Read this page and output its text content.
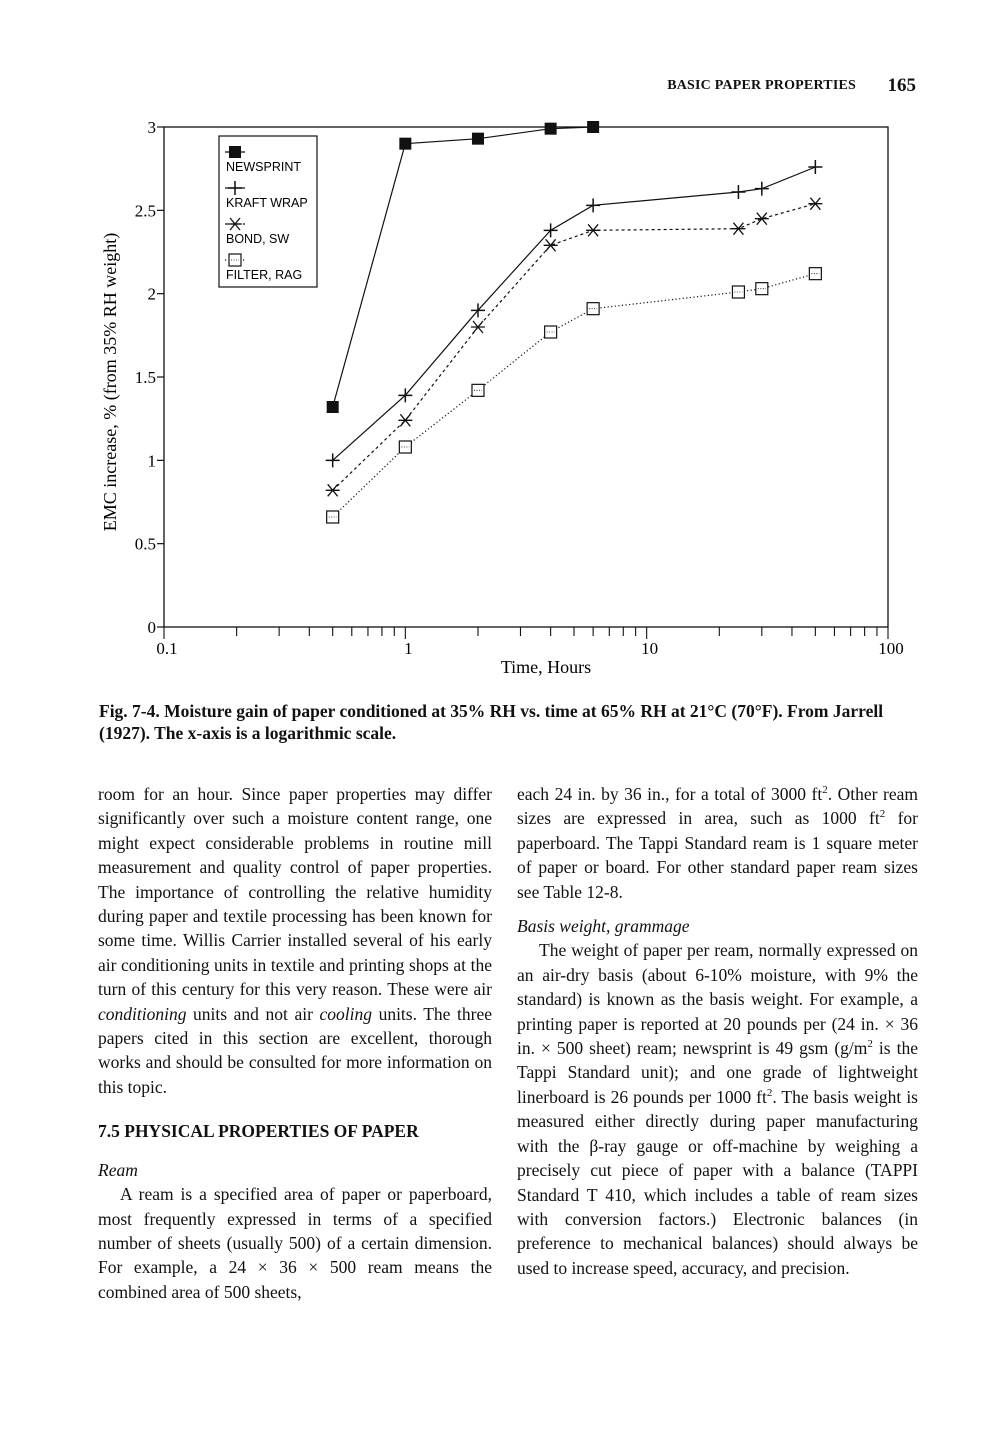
BASIC PAPER PROPERTIES 165
0
0.5
1
1.5
2
2.5
3
0.1	1	10	100
Time, Hours
EMC increase, % (from 35% RH weight)
NEWSPRINT
KRAFT WRAP
BOND, SW
FILTER, RAG
Fig. 7-4. Moisture gain of paper conditioned at 35% RH vs. time at 65% RH at 21°C (70°F). From Jarrell (1927). The x-axis is a logarithmic scale.

room for an hour. Since paper properties may differ significantly over such a moisture content range, one might expect considerable problems in routine mill measurement and quality control of paper properties. The importance of controlling the relative humidity during paper and textile processing has been known for some time. Willis Carrier installed several of his early air conditioning units in textile and printing shops at the turn of this century for this very reason. These were air conditioning units and not air cooling units. The three papers cited in this section are excellent, thorough works and should be consulted for more information on this topic.

7.5 PHYSICAL PROPERTIES OF PAPER

Ream

A ream is a specified area of paper or paperboard, most frequently expressed in terms of a specified number of sheets (usually 500) of a certain dimension. For example, a 24 × 36 × 500 ream means the combined area of 500 sheets,

each 24 in. by 36 in., for a total of 3000 $ft^2$. Other ream sizes are expressed in area, such as 1000 $ft^2$ for paperboard. The Tappi Standard ream is 1 square meter of paper or board. For other standard paper ream sizes see Table 12-8.

Basis weight, grammage

The weight of paper per ream, normally expressed on an air-dry basis (about 6-10% moisture, with 9% the standard) is known as the basis weight. For example, a printing paper is reported at 20 pounds per (24 in. × 36 in. × 500 sheet) ream; newsprint is 49 gsm ($g/m^2$ is the Tappi Standard unit); and one grade of lightweight linerboard is 26 pounds per 1000 $ft^2$. The basis weight is measured either directly during paper manufacturing with the β-ray gauge or off-machine by weighing a precisely cut piece of paper with a balance (TAPPI Standard T 410, which includes a table of ream sizes with conversion factors.) Electronic balances (in preference to mechanical balances) should always be used to increase speed, accuracy, and precision.
